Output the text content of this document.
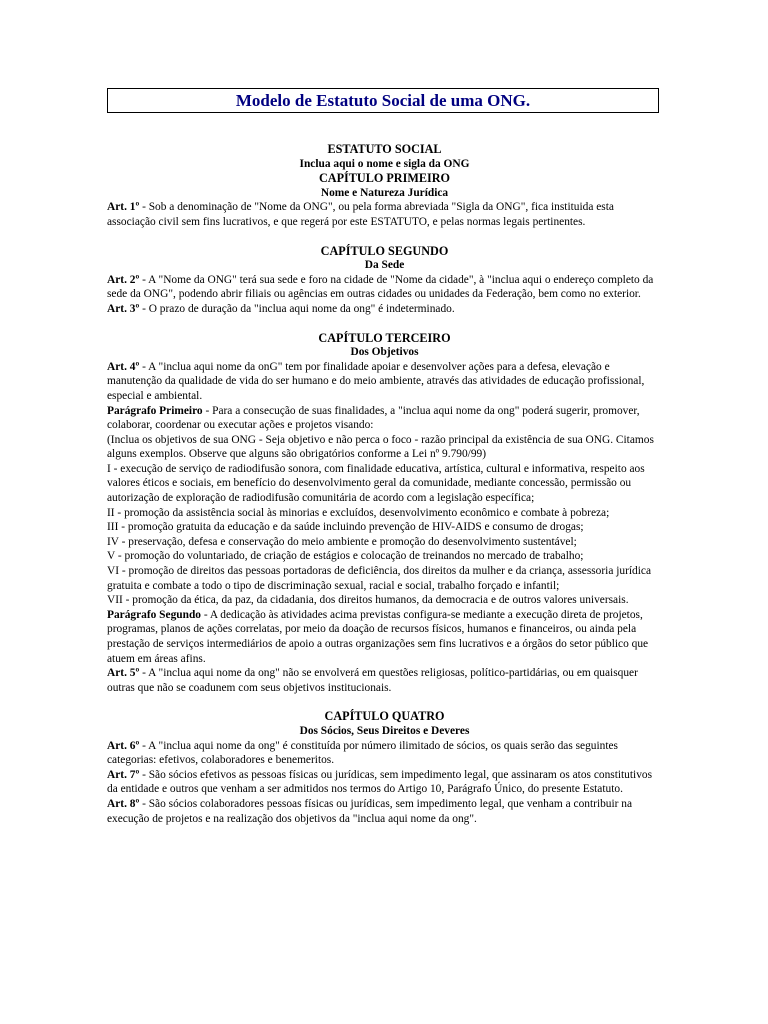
Modelo de Estatuto Social de uma ONG.

ESTATUTO SOCIAL

Inclua aqui o nome e sigla da ONG

CAPÍTULO PRIMEIRO

Nome e Natureza Jurídica

Art. 1º - Sob a denominação de "Nome da ONG", ou pela forma abreviada "Sigla da ONG", fica instituida esta associação civil sem fins lucrativos, e que regerá por este ESTATUTO, e pelas normas legais pertinentes.

CAPÍTULO SEGUNDO

Da Sede

Art. 2º - A "Nome da ONG" terá sua sede e foro na cidade de "Nome da cidade", à "inclua aqui o endereço completo da sede da ONG", podendo abrir filiais ou agências em outras cidades ou unidades da Federação, bem como no exterior.

Art. 3º - O prazo de duração da "inclua aqui nome da ong" é indeterminado.

CAPÍTULO TERCEIRO

Dos Objetivos

Art. 4º - A "inclua aqui nome da onG" tem por finalidade apoiar e desenvolver ações para a defesa, elevação e manutenção da qualidade de vida do ser humano e do meio ambiente, através das atividades de educação profissional, especial e ambiental.

Parágrafo Primeiro - Para a consecução de suas finalidades, a "inclua aqui nome da ong" poderá sugerir, promover, colaborar, coordenar ou executar ações e projetos visando:

(Inclua os objetivos de sua ONG - Seja objetivo e não perca o foco - razão principal da existência de sua ONG. Citamos alguns exemplos. Observe que alguns são obrigatórios conforme a Lei nº 9.790/99)

I - execução de serviço de radiodifusão sonora, com finalidade educativa, artística, cultural e informativa, respeito aos valores éticos e sociais, em benefício do desenvolvimento geral da comunidade, mediante concessão, permissão ou autorização de exploração de radiodifusão comunitária de acordo com a legislação específica;

II - promoção da assistência social às minorias e excluídos, desenvolvimento econômico e combate à pobreza;

III - promoção gratuita da educação e da saúde incluindo prevenção de HIV-AIDS e consumo de drogas;

IV - preservação, defesa e conservação do meio ambiente e promoção do desenvolvimento sustentável;

V - promoção do voluntariado, de criação de estágios e colocação de treinandos no mercado de trabalho;

VI - promoção de direitos das pessoas portadoras de deficiência, dos direitos da mulher e da criança, assessoria jurídica gratuita e combate a todo o tipo de discriminação sexual, racial e social, trabalho forçado e infantil;

VII - promoção da ética, da paz, da cidadania, dos direitos humanos, da democracia e de outros valores universais.

Parágrafo Segundo - A dedicação às atividades acima previstas configura-se mediante a execução direta de projetos, programas, planos de ações correlatas, por meio da doação de recursos físicos, humanos e financeiros, ou ainda pela prestação de serviços intermediários de apoio a outras organizações sem fins lucrativos e a órgãos do setor público que atuem em áreas afins.

Art. 5º - A "inclua aqui nome da ong" não se envolverá em questões religiosas, político-partidárias, ou em quaisquer outras que não se coadunem com seus objetivos institucionais.

CAPÍTULO QUATRO

Dos Sócios, Seus Direitos e Deveres

Art. 6º - A "inclua aqui nome da ong" é constituída por número ilimitado de sócios, os quais serão das seguintes categorias: efetivos, colaboradores e benemeritos.

Art. 7º - São sócios efetivos as pessoas físicas ou jurídicas, sem impedimento legal, que assinaram os atos constitutivos da entidade e outros que venham a ser admitidos nos termos do Artigo 10, Parágrafo Único, do presente Estatuto.

Art. 8º - São sócios colaboradores pessoas físicas ou jurídicas, sem impedimento legal, que venham a contribuir na execução de projetos e na realização dos objetivos da "inclua aqui nome da ong".
